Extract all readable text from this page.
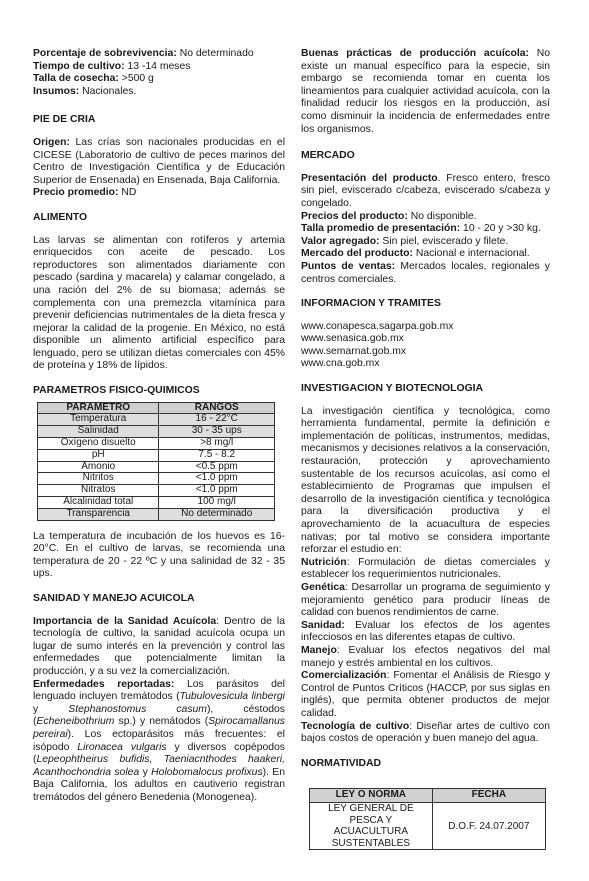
Porcentaje de sobrevivencia: No determinado

Tiempo de cultivo: 13 -14 meses

Talla de cosecha: >500 g

Insumos: Nacionales.

PIE DE CRIA

Origen: Las crías son nacionales producidas en el CICESE (Laboratorio de cultivo de peces marinos del Centro de Investigación Científica y de Educación Superior de Ensenada) en Ensenada, Baja California.

Precio promedio: ND

ALIMENTO

Las larvas se alimentan con rotíferos y artemia enriquecidos con aceite de pescado. Los reproductores son alimentados diariamente con pescado (sardina y macarela) y calamar congelado, a una ración del 2% de su biomasa; además se complementa con una premezcla vitamínica para prevenir deficiencias nutrimentales de la dieta fresca y mejorar la calidad de la progenie. En México, no está disponible un alimento artificial específico para lenguado, pero se utilizan dietas comerciales con 45% de proteína y 18% de lípidos.

PARAMETROS FISICO-QUIMICOS

PARAMETRO	RANGOS
Temperatura	16 - 22°C
Salinidad	30 - 35 ups
Oxígeno disuelto	>8 mg/l
pH	7.5 - 8.2
Amonio	<0.5 ppm
Nitritos	<1.0 ppm
Nitratos	<1.0 ppm
Alcalinidad total	100 mg/l
Transparencia	No determinado

La temperatura de incubación de los huevos es 16-20°C. En el cultivo de larvas, se recomienda una temperatura de 20 - 22 ºC y una salinidad de 32 - 35 ups.

SANIDAD Y MANEJO ACUICOLA

Importancia de la Sanidad Acuícola: Dentro de la tecnología de cultivo, la sanidad acuícola ocupa un lugar de sumo interés en la prevención y control las enfermedades que potencialmente limitan la producción, y a su vez la comercialización.

Enfermedades reportadas: Los parásitos del lenguado incluyen tremátodos (Tubulovesicula linbergi y Stephanostomus casum), céstodos (Echeneibothrium sp.) y nemátodos (Spirocamallanus pereirai). Los ectoparásitos más frecuentes: el isópodo Lironacea vulgaris y diversos copépodos (Lepeophtheirus bufidis, Taeniacnthodes haakeri, Acanthochondria solea y Holobomalocus profixus). En Baja California, los adultos en cautiverio registran tremátodos del género Benedenia (Monogenea).

Buenas prácticas de producción acuícola: No existe un manual específico para la especie, sin embargo se recomienda tomar en cuenta los lineamientos para cualquier actividad acuícola, con la finalidad reducir los riesgos en la producción, así como disminuir la incidencia de enfermedades entre los organismos.

MERCADO

Presentación del producto. Fresco entero, fresco sin piel, eviscerado c/cabeza, eviscerado s/cabeza y congelado.

Precios del producto: No disponible.

Talla promedio de presentación: 10 - 20 y >30 kg.

Valor agregado: Sin piel, eviscerado y filete.

Mercado del producto: Nacional e internacional.

Puntos de ventas: Mercados locales, regionales y centros comerciales.

INFORMACION Y TRAMITES

www.conapesca.sagarpa.gob.mx

www.senasica.gob.mx

www.semarnat.gob.mx

www.cna.gob.mx

INVESTIGACION Y BIOTECNOLOGIA

La investigación científica y tecnológica, como herramienta fundamental, permite la definición e implementación de políticas, instrumentos, medidas, mecanismos y decisiones relativos a la conservación, restauración, protección y aprovechamiento sustentable de los recursos acuícolas, así como el establecimiento de Programas que impulsen el desarrollo de la investigación científica y tecnológica para la diversificación productiva y el aprovechamiento de la acuacultura de especies nativas; por tal motivo se considera importante reforzar el estudio en:

Nutrición: Formulación de dietas comerciales y establecer los requerimientos nutricionales.

Genética: Desarrollar un programa de seguimiento y mejoramiento genético para producir líneas de calidad con buenos rendimientos de carne.

Sanidad: Evaluar los efectos de los agentes infecciosos en las diferentes etapas de cultivo.

Manejo: Evaluar los efectos negativos del mal manejo y estrés ambiental en los cultivos.

Comercialización: Fomentar el Análisis de Riesgo y Control de Puntos Críticos (HACCP, por sus siglas en inglés), que permita obtener productos de mejor calidad.

Tecnología de cultivo: Diseñar artes de cultivo con bajos costos de operación y buen manejo del agua.

NORMATIVIDAD

LEY O NORMA	FECHA
LEY GENERAL DE PESCA Y ACUACULTURA SUSTENTABLES	D.O.F. 24.07.2007
